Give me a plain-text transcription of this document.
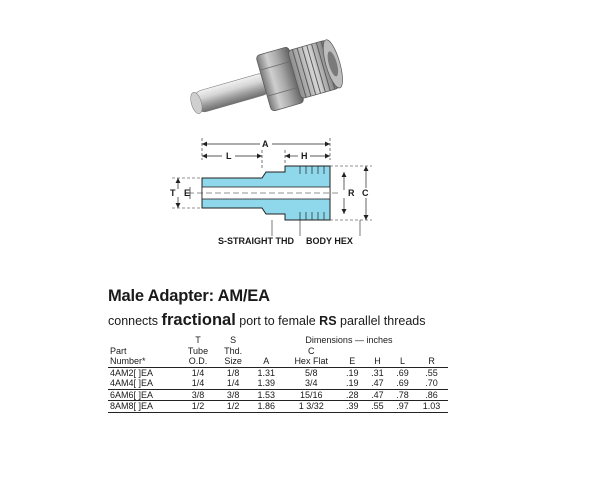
A
L	H
T E	R C
S-STRAIGHT THD BODY HEX
Male Adapter: AM/EA
connects fractional port to female RS parallel threads
	T	S	Dimensions — inches					
Part	Tube	Thd.		C				
Number*	O.D.	Size	A	Hex Flat	E	H	L	R
4AM2[ ]EA	1/4	1/8	1.31	5/8	.19	.31	.69	.55
4AM4[ ]EA	1/4	1/4	1.39	3/4	.19	.47	.69	.70
6AM6[ ]EA	3/8	3/8	1.53	15/16	.28	.47	.78	.86
8AM8[ ]EA	1/2	1/2	1.86	1 3/32	.39	.55	.97	1.03
